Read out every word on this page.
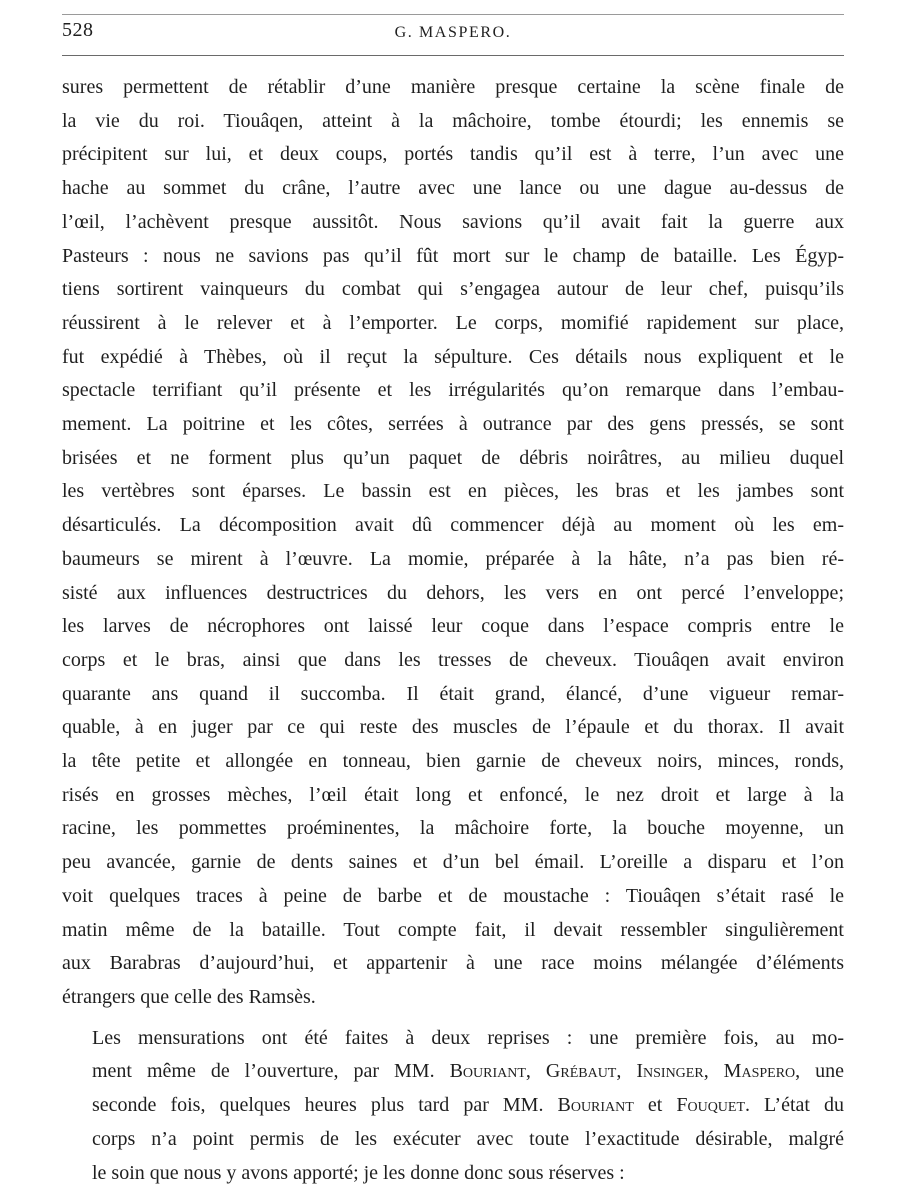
528	G. MASPERO.

sures permettent de rétablir d’une manière presque certaine la scène finale de
la vie du roi. Tiouâqen, atteint à la mâchoire, tombe étourdi; les ennemis se
précipitent sur lui, et deux coups, portés tandis qu’il est à terre, l’un avec une
hache au sommet du crâne, l’autre avec une lance ou une dague au-dessus de
l’œil, l’achèvent presque aussitôt. Nous savions qu’il avait fait la guerre aux
Pasteurs : nous ne savions pas qu’il fût mort sur le champ de bataille. Les Égyp-
tiens sortirent vainqueurs du combat qui s’engagea autour de leur chef, puisqu’ils
réussirent à le relever et à l’emporter. Le corps, momifié rapidement sur place,
fut expédié à Thèbes, où il reçut la sépulture. Ces détails nous expliquent et le
spectacle terrifiant qu’il présente et les irrégularités qu’on remarque dans l’embau-
mement. La poitrine et les côtes, serrées à outrance par des gens pressés, se sont
brisées et ne forment plus qu’un paquet de débris noirâtres, au milieu duquel
les vertèbres sont éparses. Le bassin est en pièces, les bras et les jambes sont
désarticulés. La décomposition avait dû commencer déjà au moment où les em-
baumeurs se mirent à l’œuvre. La momie, préparée à la hâte, n’a pas bien ré-
sisté aux influences destructrices du dehors, les vers en ont percé l’enveloppe;
les larves de nécrophores ont laissé leur coque dans l’espace compris entre le
corps et le bras, ainsi que dans les tresses de cheveux. Tiouâqen avait environ
quarante ans quand il succomba. Il était grand, élancé, d’une vigueur remar-
quable, à en juger par ce qui reste des muscles de l’épaule et du thorax. Il avait
la tête petite et allongée en tonneau, bien garnie de cheveux noirs, minces, ronds,
risés en grosses mèches, l’œil était long et enfoncé, le nez droit et large à la
racine, les pommettes proéminentes, la mâchoire forte, la bouche moyenne, un
peu avancée, garnie de dents saines et d’un bel émail. L’oreille a disparu et l’on
voit quelques traces à peine de barbe et de moustache : Tiouâqen s’était rasé le
matin même de la bataille. Tout compte fait, il devait ressembler singulièrement
aux Barabras d’aujourd’hui, et appartenir à une race moins mélangée d’éléments
étrangers que celle des Ramsès.

Les mensurations ont été faites à deux reprises : une première fois, au mo-
ment même de l’ouverture, par MM. Bouriant, Grébaut, Insinger, Maspero, une
seconde fois, quelques heures plus tard par MM. Bouriant et Fouquet. L’état du
corps n’a point permis de les exécuter avec toute l’exactitude désirable, malgré
le soin que nous y avons apporté; je les donne donc sous réserves :
